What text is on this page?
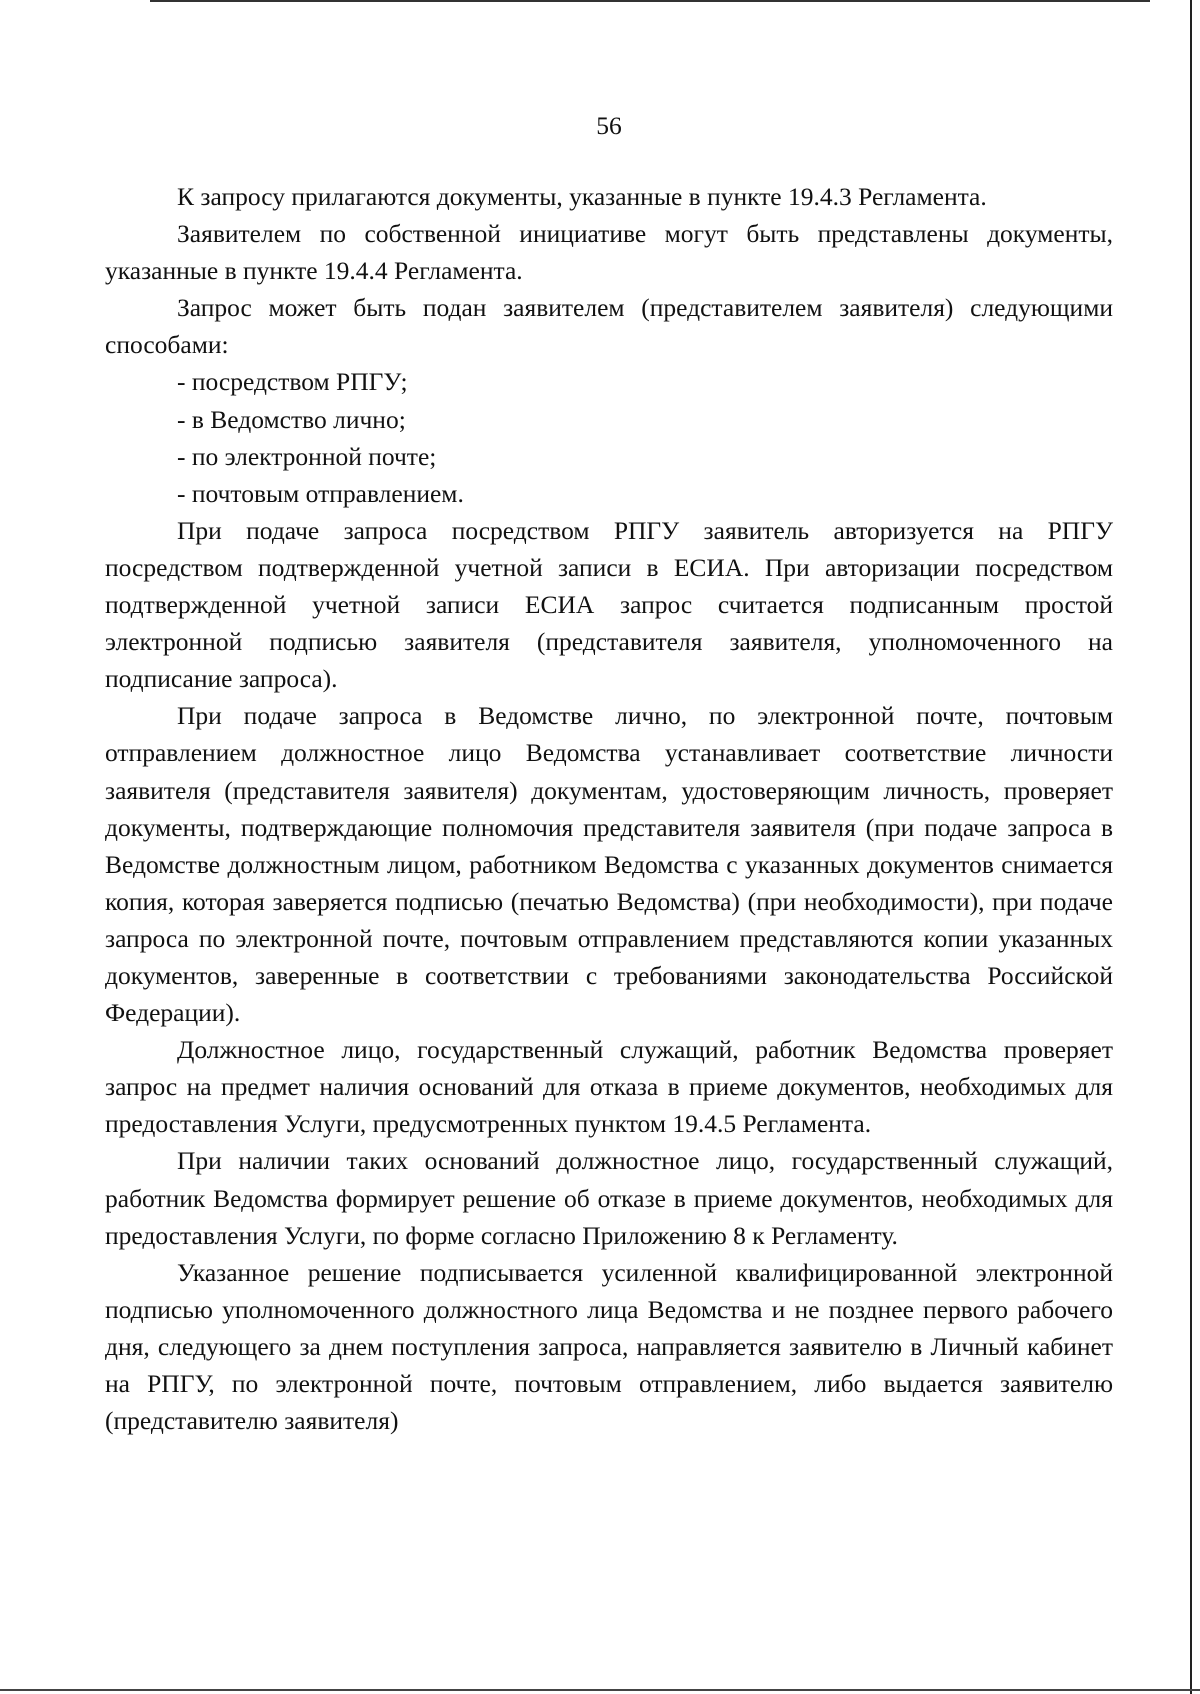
56

К запросу прилагаются документы, указанные в пункте 19.4.3 Регламента.

Заявителем по собственной инициативе могут быть представлены документы, указанные в пункте 19.4.4 Регламента.

Запрос может быть подан заявителем (представителем заявителя) следующими способами:

- посредством РПГУ;

- в Ведомство лично;

- по электронной почте;

- почтовым отправлением.

При подаче запроса посредством РПГУ заявитель авторизуется на РПГУ посредством подтвержденной учетной записи в ЕСИА. При авторизации посредством подтвержденной учетной записи ЕСИА запрос считается подписанным простой электронной подписью заявителя (представителя заявителя, уполномоченного на подписание запроса).

При подаче запроса в Ведомстве лично, по электронной почте, почтовым отправлением должностное лицо Ведомства устанавливает соответствие личности заявителя (представителя заявителя) документам, удостоверяющим личность, проверяет документы, подтверждающие полномочия представителя заявителя (при подаче запроса в Ведомстве должностным лицом, работником Ведомства с указанных документов снимается копия, которая заверяется подписью (печатью Ведомства) (при необходимости), при подаче запроса по электронной почте, почтовым отправлением представляются копии указанных документов, заверенные в соответствии с требованиями законодательства Российской Федерации).

Должностное лицо, государственный служащий, работник Ведомства проверяет запрос на предмет наличия оснований для отказа в приеме документов, необходимых для предоставления Услуги, предусмотренных пунктом 19.4.5 Регламента.

При наличии таких оснований должностное лицо, государственный служащий, работник Ведомства формирует решение об отказе в приеме документов, необходимых для предоставления Услуги, по форме согласно Приложению 8 к Регламенту.

Указанное решение подписывается усиленной квалифицированной электронной подписью уполномоченного должностного лица Ведомства и не позднее первого рабочего дня, следующего за днем поступления запроса, направляется заявителю в Личный кабинет на РПГУ, по электронной почте, почтовым отправлением, либо выдается заявителю (представителю заявителя)
